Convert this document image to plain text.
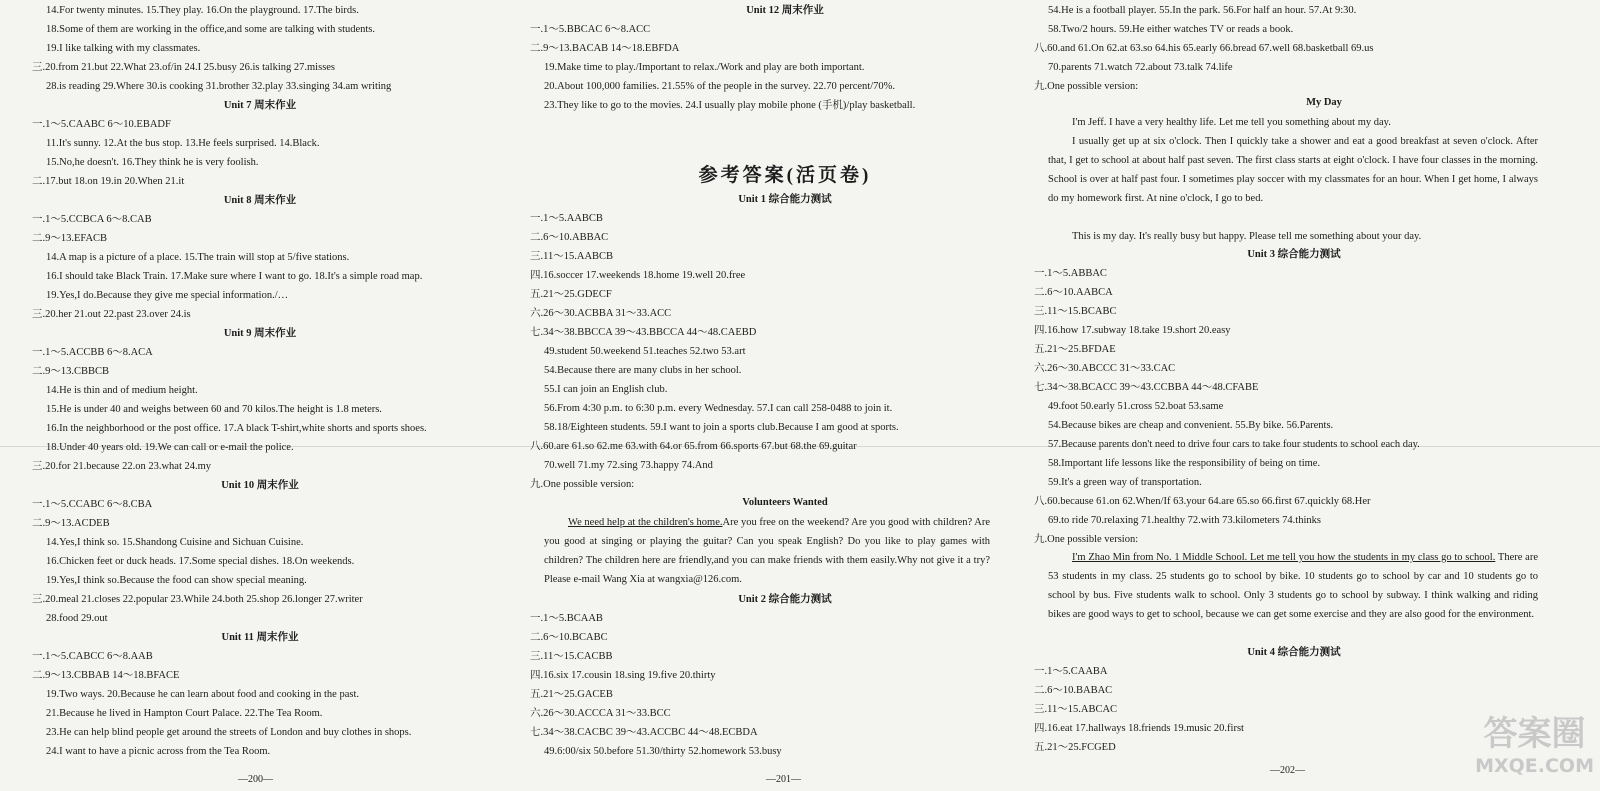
14.For twenty minutes. 15.They play. 16.On the playground. 17.The birds.
18.Some of them are working in the office,and some are talking with students.
19.I like talking with my classmates.
三.20.from 21.but 22.What 23.of/in 24.I 25.busy 26.is talking 27.misses
28.is reading 29.Where 30.is cooking 31.brother 32.play 33.singing 34.am writing
Unit 7 周末作业
一.1～5.CAABC 6～10.EBADF
11.It's sunny. 12.At the bus stop. 13.He feels surprised. 14.Black.
15.No,he doesn't. 16.They think he is very foolish.
二.17.but 18.on 19.in 20.When 21.it
Unit 8 周末作业
一.1～5.CCBCA 6～8.CAB
二.9～13.EFACB
14.A map is a picture of a place. 15.The train will stop at 5/five stations.
16.I should take Black Train. 17.Make sure where I want to go. 18.It's a simple road map.
19.Yes,I do.Because they give me special information./…
三.20.her 21.out 22.past 23.over 24.is
Unit 9 周末作业
一.1～5.ACCBB 6～8.ACA
二.9～13.CBBCB
14.He is thin and of medium height.
15.He is under 40 and weighs between 60 and 70 kilos.The height is 1.8 meters.
16.In the neighborhood or the post office. 17.A black T-shirt,white shorts and sports shoes.
18.Under 40 years old. 19.We can call or e-mail the police.
三.20.for 21.because 22.on 23.what 24.my
Unit 10 周末作业
一.1～5.CCABC 6～8.CBA
二.9～13.ACDEB
14.Yes,I think so. 15.Shandong Cuisine and Sichuan Cuisine.
16.Chicken feet or duck heads. 17.Some special dishes. 18.On weekends.
19.Yes,I think so.Because the food can show special meaning.
三.20.meal 21.closes 22.popular 23.While 24.both 25.shop 26.longer 27.writer
28.food 29.out
Unit 11 周末作业
一.1～5.CABCC 6～8.AAB
二.9～13.CBBAB 14～18.BFACE
19.Two ways. 20.Because he can learn about food and cooking in the past.
21.Because he lived in Hampton Court Palace. 22.The Tea Room.
23.He can help blind people get around the streets of London and buy clothes in shops.
24.I want to have a picnic across from the Tea Room.
—200—
Unit 12 周末作业
一.1～5.BBCAC 6～8.ACC
二.9～13.BACAB 14～18.EBFDA
19.Make time to play./Important to relax./Work and play are both important.
20.About 100,000 families. 21.55% of the people in the survey. 22.70 percent/70%.
23.They like to go to the movies. 24.I usually play mobile phone (手机)/play basketball.
参考答案(活页卷)
Unit 1 综合能力测试
一.1～5.AABCB
二.6～10.ABBAC
三.11～15.AABCB
四.16.soccer 17.weekends 18.home 19.well 20.free
五.21～25.GDECF
六.26～30.ACBBA 31～33.ACC
七.34～38.BBCCA 39～43.BBCCA 44～48.CAEBD
49.student 50.weekend 51.teaches 52.two 53.art
54.Because there are many clubs in her school.
55.I can join an English club.
56.From 4:30 p.m. to 6:30 p.m. every Wednesday. 57.I can call 258-0488 to join it.
58.18/Eighteen students. 59.I want to join a sports club.Because I am good at sports.
八.60.are 61.so 62.me 63.with 64.or 65.from 66.sports 67.but 68.the 69.guitar
70.well 71.my 72.sing 73.happy 74.And
九.One possible version:
Volunteers Wanted
We need help at the children's home.Are you free on the weekend? Are you good with children? Are you good at singing or playing the guitar? Can you speak English? Do you like to play games with children? The children here are friendly,and you can make friends with them easily.Why not give it a try? Please e-mail Wang Xia at wangxia@126.com.
Unit 2 综合能力测试
一.1～5.BCAAB
二.6～10.BCABC
三.11～15.CACBB
四.16.six 17.cousin 18.sing 19.five 20.thirty
五.21～25.GACEB
六.26～30.ACCCA 31～33.BCC
七.34～38.CACBC 39～43.ACCBC 44～48.ECBDA
49.6:00/six 50.before 51.30/thirty 52.homework 53.busy
—201—
54.He is a football player. 55.In the park. 56.For half an hour. 57.At 9:30.
58.Two/2 hours. 59.He either watches TV or reads a book.
八.60.and 61.On 62.at 63.so 64.his 65.early 66.bread 67.well 68.basketball 69.us
70.parents 71.watch 72.about 73.talk 74.life
九.One possible version:
My Day
I'm Jeff. I have a very healthy life. Let me tell you something about my day.
I usually get up at six o'clock. Then I quickly take a shower and eat a good breakfast at seven o'clock. After that, I get to school at about half past seven. The first class starts at eight o'clock. I have four classes in the morning. School is over at half past four. I sometimes play soccer with my classmates for an hour. When I get home, I always do my homework first. At nine o'clock, I go to bed.
This is my day. It's really busy but happy. Please tell me something about your day.
Unit 3 综合能力测试
一.1～5.ABBAC
二.6～10.AABCA
三.11～15.BCABC
四.16.how 17.subway 18.take 19.short 20.easy
五.21～25.BFDAE
六.26～30.ABCCC 31～33.CAC
七.34～38.BCACC 39～43.CCBBA 44～48.CFABE
49.foot 50.early 51.cross 52.boat 53.same
54.Because bikes are cheap and convenient. 55.By bike. 56.Parents.
57.Because parents don't need to drive four cars to take four students to school each day.
58.Important life lessons like the responsibility of being on time.
59.It's a green way of transportation.
八.60.because 61.on 62.When/If 63.your 64.are 65.so 66.first 67.quickly 68.Her
69.to ride 70.relaxing 71.healthy 72.with 73.kilometers 74.thinks
九.One possible version:
I'm Zhao Min from No. 1 Middle School. Let me tell you how the students in my class go to school. There are 53 students in my class. 25 students go to school by bike. 10 students go to school by car and 10 students go to school by bus. Five students walk to school. Only 3 students go to school by subway. I think walking and riding bikes are good ways to get to school, because we can get some exercise and they are also good for the environment.
Unit 4 综合能力测试
一.1～5.CAABA
二.6～10.BABAC
三.11～15.ABCAC
四.16.eat 17.hallways 18.friends 19.music 20.first
五.21～25.FCGED
—202—
答案圈
MXQE.COM
